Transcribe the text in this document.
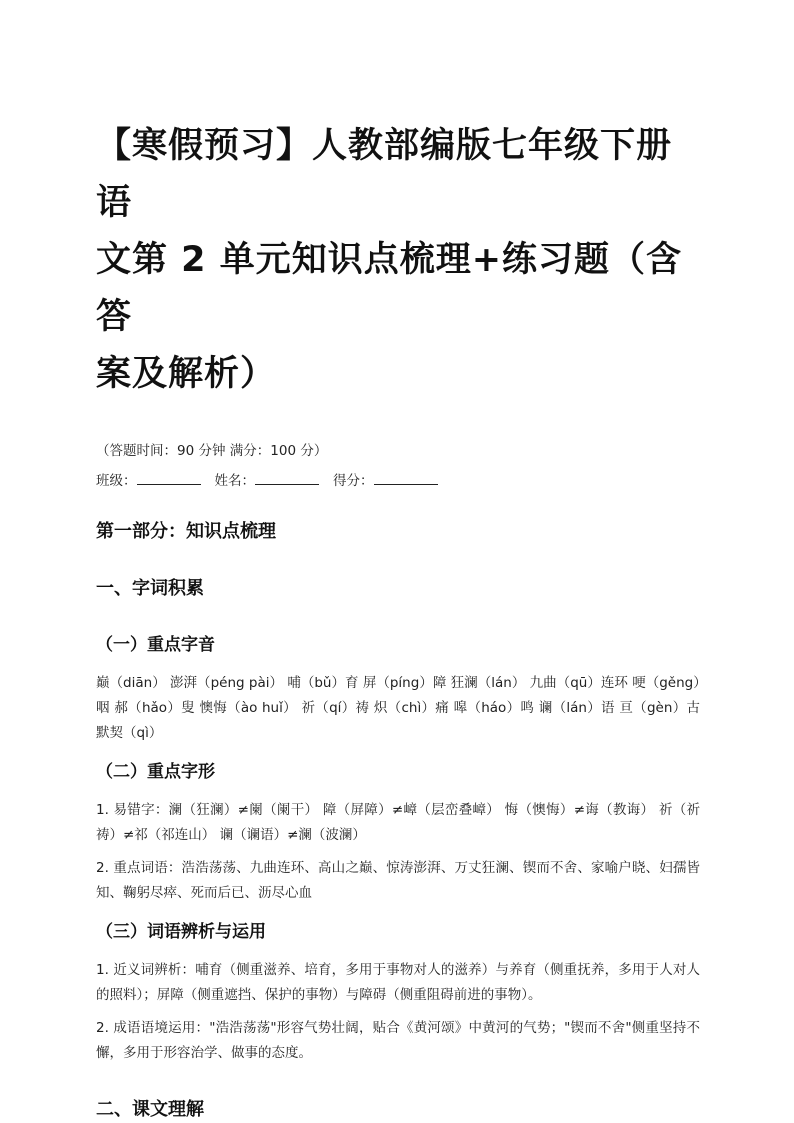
【寒假预习】人教部编版七年级下册语
文第 2 单元知识点梳理+练习题（含答
案及解析）
（答题时间：90 分钟 满分：100 分）
班级：	姓名：	得分：
第一部分：知识点梳理
一、字词积累
（一）重点字音
巅（diān） 澎湃（péng pài） 哺（bǔ）育 屏（píng）障 狂澜（lán） 九曲（qū）连环 哽（gěng）咽 郝（hǎo）叟 懊悔（ào huǐ） 祈（qí）祷 炽（chì）痛 嗥（háo）鸣 谰（lán）语 亘（gèn）古 默契（qì）
（二）重点字形
1. 易错字：澜（狂澜）≠阑（阑干） 障（屏障）≠嶂（层峦叠嶂） 悔（懊悔）≠诲（教诲） 祈（祈祷）≠祁（祁连山） 谰（谰语）≠澜（波澜）
2. 重点词语：浩浩荡荡、九曲连环、高山之巅、惊涛澎湃、万丈狂澜、锲而不舍、家喻户晓、妇孺皆知、鞠躬尽瘁、死而后已、沥尽心血
（三）词语辨析与运用
1. 近义词辨析：哺育（侧重滋养、培育，多用于事物对人的滋养）与养育（侧重抚养，多用于人对人的照料）；屏障（侧重遮挡、保护的事物）与障碍（侧重阻碍前进的事物）。
2. 成语语境运用："浩浩荡荡"形容气势壮阔，贴合《黄河颂》中黄河的气势；"锲而不舍"侧重坚持不懈，多用于形容治学、做事的态度。
二、课文理解
